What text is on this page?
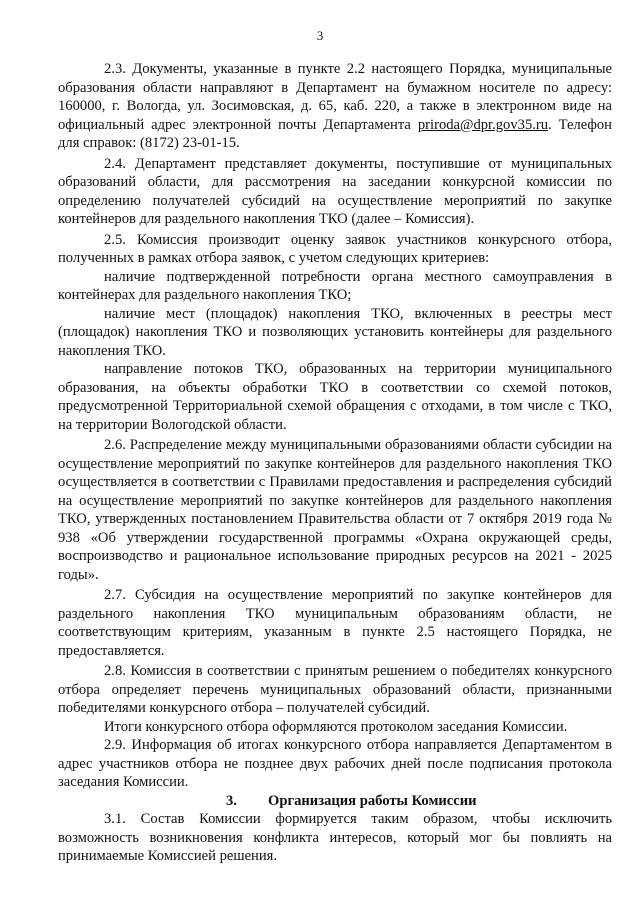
3

2.3. Документы, указанные в пункте 2.2 настоящего Порядка, муниципальные образования области направляют в Департамент на бумажном носителе по адресу: 160000, г. Вологда, ул. Зосимовская, д. 65, каб. 220, а также в электронном виде на официальный адрес электронной почты Департамента priroda@dpr.gov35.ru. Телефон для справок: (8172) 23-01-15.

2.4. Департамент представляет документы, поступившие от муниципальных образований области, для рассмотрения на заседании конкурсной комиссии по определению получателей субсидий на осуществление мероприятий по закупке контейнеров для раздельного накопления ТКО (далее – Комиссия).

2.5. Комиссия производит оценку заявок участников конкурсного отбора, полученных в рамках отбора заявок, с учетом следующих критериев:

наличие подтвержденной потребности органа местного самоуправления в контейнерах для раздельного накопления ТКО;

наличие мест (площадок) накопления ТКО, включенных в реестры мест (площадок) накопления ТКО и позволяющих установить контейнеры для раздельного накопления ТКО.

направление потоков ТКО, образованных на территории муниципального образования, на объекты обработки ТКО в соответствии со схемой потоков, предусмотренной Территориальной схемой обращения с отходами, в том числе с ТКО, на территории Вологодской области.

2.6. Распределение между муниципальными образованиями области субсидии на осуществление мероприятий по закупке контейнеров для раздельного накопления ТКО осуществляется в соответствии с Правилами предоставления и распределения субсидий на осуществление мероприятий по закупке контейнеров для раздельного накопления ТКО, утвержденных постановлением Правительства области от 7 октября 2019 года № 938 «Об утверждении государственной программы «Охрана окружающей среды, воспроизводство и рациональное использование природных ресурсов на 2021 - 2025 годы».

2.7. Субсидия на осуществление мероприятий по закупке контейнеров для раздельного накопления ТКО муниципальным образованиям области, не соответствующим критериям, указанным в пункте 2.5 настоящего Порядка, не предоставляется.

2.8. Комиссия в соответствии с принятым решением о победителях конкурсного отбора определяет перечень муниципальных образований области, признанными победителями конкурсного отбора – получателей субсидий.

Итоги конкурсного отбора оформляются протоколом заседания Комиссии.

2.9. Информация об итогах конкурсного отбора направляется Департаментом в адрес участников отбора не позднее двух рабочих дней после подписания протокола заседания Комиссии.

3. Организация работы Комиссии

3.1. Состав Комиссии формируется таким образом, чтобы исключить возможность возникновения конфликта интересов, который мог бы повлиять на принимаемые Комиссией решения.
